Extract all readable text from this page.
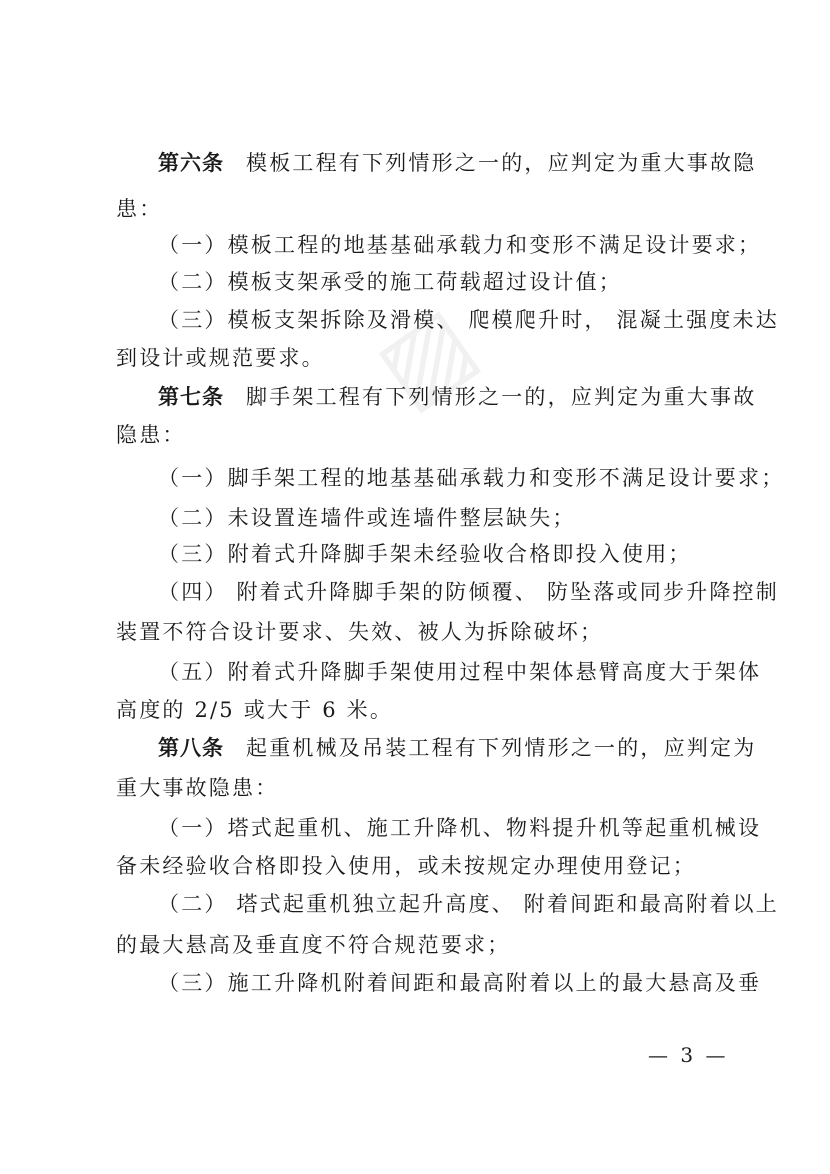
▨
第六条 模板工程有下列情形之一的，应判定为重大事故隐
患：
（一）模板工程的地基基础承载力和变形不满足设计要求；
（二）模板支架承受的施工荷载超过设计值；
（三）模板支架拆除及滑模、 爬模爬升时， 混凝土强度未达
到设计或规范要求。
第七条 脚手架工程有下列情形之一的，应判定为重大事故
隐患：
（一）脚手架工程的地基基础承载力和变形不满足设计要求；
（二）未设置连墙件或连墙件整层缺失；
（三）附着式升降脚手架未经验收合格即投入使用；
（四） 附着式升降脚手架的防倾覆、 防坠落或同步升降控制
装置不符合设计要求、失效、被人为拆除破坏；
（五）附着式升降脚手架使用过程中架体悬臂高度大于架体
高度的 2/5 或大于 6 米。
第八条 起重机械及吊装工程有下列情形之一的，应判定为
重大事故隐患：
（一）塔式起重机、施工升降机、物料提升机等起重机械设
备未经验收合格即投入使用，或未按规定办理使用登记；
（二） 塔式起重机独立起升高度、 附着间距和最高附着以上
的最大悬高及垂直度不符合规范要求；
（三）施工升降机附着间距和最高附着以上的最大悬高及垂
— 3 —
